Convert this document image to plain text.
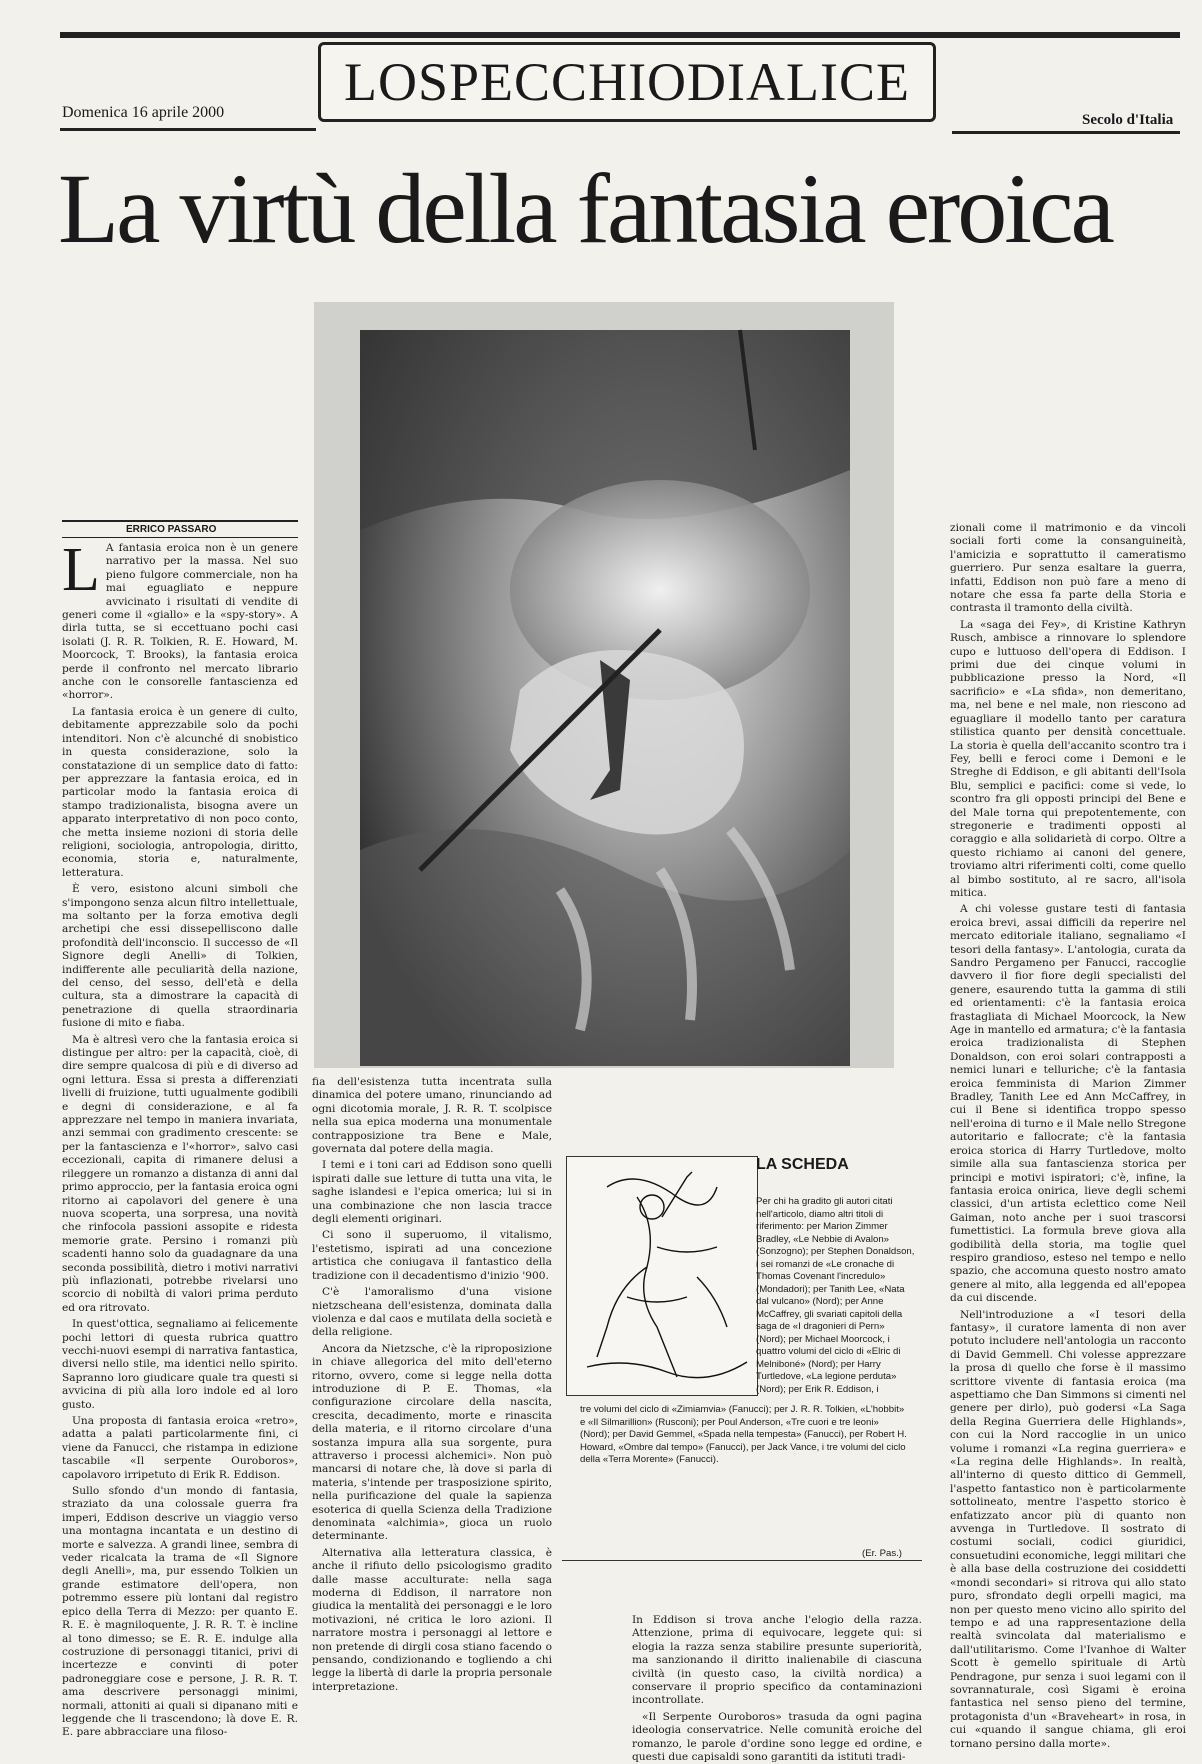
LOSPECCHIODIALICE
Domenica 16 aprile 2000	Secolo d'Italia
La virtù della fantasia eroica
ERRICO PASSARO

L A fantasia eroica non è un genere narrativo per la massa. Nel suo pieno fulgore commerciale, non ha mai eguagliato e neppure avvicinato i risultati di vendite di generi come il «giallo» e la «spy-story». A dirla tutta, se si eccettuano pochi casi isolati (J. R. R. Tolkien, R. E. Howard, M. Moorcock, T. Brooks), la fantasia eroica perde il confronto nel mercato librario anche con le consorelle fantascienza ed «horror».

La fantasia eroica è un genere di culto, debitamente apprezzabile solo da pochi intenditori. Non c'è alcunché di snobistico in questa considerazione, solo la constatazione di un semplice dato di fatto: per apprezzare la fantasia eroica, ed in particolar modo la fantasia eroica di stampo tradizionalista, bisogna avere un apparato interpretativo di non poco conto, che metta insieme nozioni di storia delle religioni, sociologia, antropologia, diritto, economia, storia e, naturalmente, letteratura.

È vero, esistono alcuni simboli che s'impongono senza alcun filtro intellettuale, ma soltanto per la forza emotiva degli archetipi che essi dissepelliscono dalle profondità dell'inconscio. Il successo de «Il Signore degli Anelli» di Tolkien, indifferente alle peculiarità della nazione, del censo, del sesso, dell'età e della cultura, sta a dimostrare la capacità di penetrazione di quella straordinaria fusione di mito e fiaba.

Ma è altresì vero che la fantasia eroica si distingue per altro: per la capacità, cioè, di dire sempre qualcosa di più e di diverso ad ogni lettura. Essa si presta a differenziati livelli di fruizione, tutti ugualmente godibili e degni di considerazione, e al fa apprezzare nel tempo in maniera invariata, anzi semmai con gradimento crescente: se per la fantascienza e l'«horror», salvo casi eccezionali, capita di rimanere delusi a rileggere un romanzo a distanza di anni dal primo approccio, per la fantasia eroica ogni ritorno ai capolavori del genere è una nuova scoperta, una sorpresa, una novità che rinfocola passioni assopite e ridesta memorie grate. Persino i romanzi più scadenti hanno solo da guadagnare da una seconda possibilità, dietro i motivi narrativi più inflazionati, potrebbe rivelarsi uno scorcio di nobiltà di valori prima perduto ed ora ritrovato.

In quest'ottica, segnaliamo ai felicemente pochi lettori di questa rubrica quattro vecchi-nuovi esempi di narrativa fantastica, diversi nello stile, ma identici nello spirito. Sapranno loro giudicare quale tra questi si avvicina di più alla loro indole ed al loro gusto.

Una proposta di fantasia eroica «retro», adatta a palati particolarmente fini, ci viene da Fanucci, che ristampa in edizione tascabile «Il serpente Ouroboros», capolavoro irripetuto di Erik R. Eddison.

Sullo sfondo d'un mondo di fantasia, straziato da una colossale guerra fra imperi, Eddison descrive un viaggio verso una montagna incantata e un destino di morte e salvezza. A grandi linee, sembra di veder ricalcata la trama de «Il Signore degli Anelli», ma, pur essendo Tolkien un grande estimatore dell'opera, non potremmo essere più lontani dal registro epico della Terra di Mezzo: per quanto E. R. E. è magniloquente, J. R. R. T. è incline al tono dimesso; se E. R. E. indulge alla costruzione di personaggi titanici, privi di incertezze e convinti di poter padroneggiare cose e persone, J. R. R. T. ama descrivere personaggi minimi, normali, attoniti ai quali si dipanano miti e leggende che li trascendono; là dove E. R. E. pare abbracciare una filoso-

fia dell'esistenza tutta incentrata sulla dinamica del potere umano, rinunciando ad ogni dicotomia morale, J. R. R. T. scolpisce nella sua epica moderna una monumentale contrapposizione tra Bene e Male, governata dal potere della magia.

I temi e i toni cari ad Eddison sono quelli ispirati dalle sue letture di tutta una vita, le saghe islandesi e l'epica omerica; lui si in una combinazione che non lascia tracce degli elementi originari.

Ci sono il superuomo, il vitalismo, l'estetismo, ispirati ad una concezione artistica che coniugava il fantastico della tradizione con il decadentismo d'inizio '900.

C'è l'amoralismo d'una visione nietzscheana dell'esistenza, dominata dalla violenza e dal caos e mutilata della società e della religione.

Ancora da Nietzsche, c'è la riproposizione in chiave allegorica del mito dell'eterno ritorno, ovvero, come si legge nella dotta introduzione di P. E. Thomas, «la configurazione circolare della nascita, crescita, decadimento, morte e rinascita della materia, e il ritorno circolare d'una sostanza impura alla sua sorgente, pura attraverso i processi alchemici». Non può mancarsi di notare che, là dove si parla di materia, s'intende per trasposizione spirito, nella purificazione del quale la sapienza esoterica di quella Scienza della Tradizione denominata «alchimia», gioca un ruolo determinante.

Alternativa alla letteratura classica, è anche il rifiuto dello psicologismo gradito dalle masse acculturate: nella saga moderna di Eddison, il narratore non giudica la mentalità dei personaggi e le loro motivazioni, né critica le loro azioni. Il narratore mostra i personaggi al lettore e non pretende di dirgli cosa stiano facendo o pensando, condizionando e togliendo a chi legge la libertà di darle la propria personale interpretazione.

LA SCHEDA
Per chi ha gradito gli autori citati nell'articolo, diamo altri titoli di riferimento: per Marion Zimmer Bradley, «Le Nebbie di Avalon» (Sonzogno); per Stephen Donaldson, i sei romanzi de «Le cronache di Thomas Covenant l'incredulo» (Mondadori); per Tanith Lee, «Nata dal vulcano» (Nord); per Anne McCaffrey, gli svariati capitoli della saga de «I dragonieri di Pern» (Nord); per Michael Moorcock, i quattro volumi del ciclo di «Elric di Melniboné» (Nord); per Harry Turtledove, «La legione perduta» (Nord); per Erik R. Eddison, i
tre volumi del ciclo di «Zimiamvia» (Fanucci); per J. R. R. Tolkien, «L'hobbit» e «Il Silmarillion» (Rusconi); per Poul Anderson, «Tre cuori e tre leoni» (Nord); per David Gemmel, «Spada nella tempesta» (Fanucci), per Robert H. Howard, «Ombre dal tempo» (Fanucci), per Jack Vance, i tre volumi del ciclo della «Terra Morente» (Fanucci).
(Er. Pas.)

In Eddison si trova anche l'elogio della razza. Attenzione, prima di equivocare, leggete qui: si elogia la razza senza stabilire presunte superiorità, ma sanzionando il diritto inalienabile di ciascuna civiltà (in questo caso, la civiltà nordica) a conservare il proprio specifico da contaminazioni incontrollate.

«Il Serpente Ouroboros» trasuda da ogni pagina ideologia conservatrice. Nelle comunità eroiche del romanzo, le parole d'ordine sono legge ed ordine, e questi due capisaldi sono garantiti da istituti tradi-

zionali come il matrimonio e da vincoli sociali forti come la consanguineità, l'amicizia e soprattutto il cameratismo guerriero. Pur senza esaltare la guerra, infatti, Eddison non può fare a meno di notare che essa fa parte della Storia e contrasta il tramonto della civiltà.

La «saga dei Fey», di Kristine Kathryn Rusch, ambisce a rinnovare lo splendore cupo e luttuoso dell'opera di Eddison. I primi due dei cinque volumi in pubblicazione presso la Nord, «Il sacrificio» e «La sfida», non demeritano, ma, nel bene e nel male, non riescono ad eguagliare il modello tanto per caratura stilistica quanto per densità concettuale. La storia è quella dell'accanito scontro tra i Fey, belli e feroci come i Demoni e le Streghe di Eddison, e gli abitanti dell'Isola Blu, semplici e pacifici: come si vede, lo scontro fra gli opposti principi del Bene e del Male torna qui prepotentemente, con stregonerie e tradimenti opposti al coraggio e alla solidarietà di corpo. Oltre a questo richiamo ai canoni del genere, troviamo altri riferimenti colti, come quello al bimbo sostituto, al re sacro, all'isola mitica.

A chi volesse gustare testi di fantasia eroica brevi, assai difficili da reperire nel mercato editoriale italiano, segnaliamo «I tesori della fantasy». L'antologia, curata da Sandro Pergameno per Fanucci, raccoglie davvero il fior fiore degli specialisti del genere, esaurendo tutta la gamma di stili ed orientamenti: c'è la fantasia eroica frastagliata di Michael Moorcock, la New Age in mantello ed armatura; c'è la fantasia eroica tradizionalista di Stephen Donaldson, con eroi solari contrapposti a nemici lunari e telluriche; c'è la fantasia eroica femminista di Marion Zimmer Bradley, Tanith Lee ed Ann McCaffrey, in cui il Bene si identifica troppo spesso nell'eroina di turno e il Male nello Stregone autoritario e fallocrate; c'è la fantasia eroica storica di Harry Turtledove, molto simile alla sua fantascienza storica per principi e motivi ispiratori; c'è, infine, la fantasia eroica onirica, lieve degli schemi classici, d'un artista eclettico come Neil Gaiman, noto anche per i suoi trascorsi fumettistici. La formula breve giova alla godibilità della storia, ma toglie quel respiro grandioso, esteso nel tempo e nello spazio, che accomuna questo nostro amato genere al mito, alla leggenda ed all'epopea da cui discende.

Nell'introduzione a «I tesori della fantasy», il curatore lamenta di non aver potuto includere nell'antologia un racconto di David Gemmell. Chi volesse apprezzare la prosa di quello che forse è il massimo scrittore vivente di fantasia eroica (ma aspettiamo che Dan Simmons si cimenti nel genere per dirlo), può godersi «La Saga della Regina Guerriera delle Highlands», con cui la Nord raccoglie in un unico volume i romanzi «La regina guerriera» e «La regina delle Highlands». In realtà, all'interno di questo dittico di Gemmell, l'aspetto fantastico non è particolarmente sottolineato, mentre l'aspetto storico è enfatizzato ancor più di quanto non avvenga in Turtledove. Il sostrato di costumi sociali, codici giuridici, consuetudini economiche, leggi militari che è alla base della costruzione dei cosiddetti «mondi secondari» si ritrova qui allo stato puro, sfrondato degli orpelli magici, ma non per questo meno vicino allo spirito del tempo e ad una rappresentazione della realtà svincolata dal materialismo e dall'utilitarismo. Come l'Ivanhoe di Walter Scott è gemello spirituale di Artù Pendragone, pur senza i suoi legami con il sovrannaturale, così Sigami è eroina fantastica nel senso pieno del termine, protagonista d'un «Braveheart» in rosa, in cui «quando il sangue chiama, gli eroi tornano persino dalla morte».
